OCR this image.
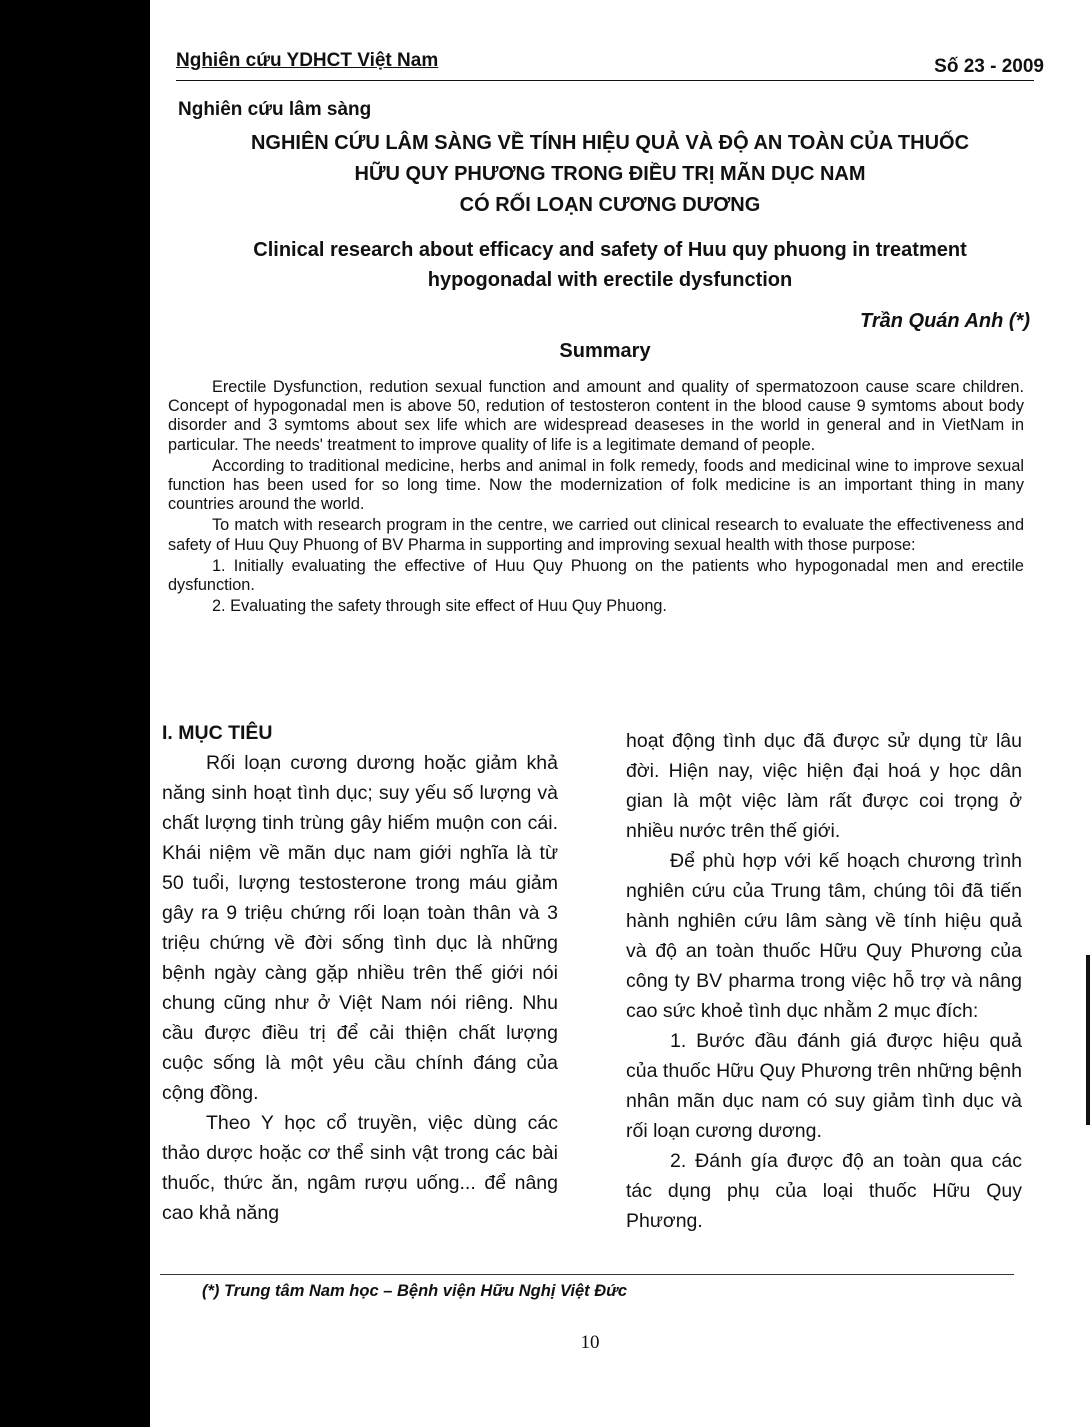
Nghiên cứu YDHCT Việt Nam	Số 23 - 2009
Nghiên cứu lâm sàng
NGHIÊN CỨU LÂM SÀNG VỀ TÍNH HIỆU QUẢ VÀ ĐỘ AN TOÀN CỦA THUỐC
HỮU QUY PHƯƠNG TRONG ĐIỀU TRỊ MÃN DỤC NAM
CÓ RỐI LOẠN CƯƠNG DƯƠNG
Clinical research about efficacy and safety of Huu quy phuong in treatment
hypogonadal with erectile dysfunction
Trần Quán Anh (*)
Summary

Erectile Dysfunction, redution sexual function and amount and quality of spermatozoon cause scare children. Concept of hypogonadal men is above 50, redution of testosteron content in the blood cause 9 symtoms about body disorder and 3 symtoms about sex life which are widespread deaseses in the world in general and in VietNam in particular. The needs' treatment to improve quality of life is a legitimate demand of people.

According to traditional medicine, herbs and animal in folk remedy, foods and medicinal wine to improve sexual function has been used for so long time. Now the modernization of folk medicine is an important thing in many countries around the world.

To match with research program in the centre, we carried out clinical research to evaluate the effectiveness and safety of Huu Quy Phuong of BV Pharma in supporting and improving sexual health with those purpose:

1. Initially evaluating the effective of Huu Quy Phuong on the patients who hypogonadal men and erectile dysfunction.

2. Evaluating the safety through site effect of Huu Quy Phuong.

I. MỤC TIÊU

Rối loạn cương dương hoặc giảm khả năng sinh hoạt tình dục; suy yếu số lượng và chất lượng tinh trùng gây hiếm muộn con cái. Khái niệm về mãn dục nam giới nghĩa là từ 50 tuổi, lượng testosterone trong máu giảm gây ra 9 triệu chứng rối loạn toàn thân và 3 triệu chứng về đời sống tình dục là những bệnh ngày càng gặp nhiều trên thế giới nói chung cũng như ở Việt Nam nói riêng. Nhu cầu được điều trị để cải thiện chất lượng cuộc sống là một yêu cầu chính đáng của cộng đồng.

Theo Y học cổ truyền, việc dùng các thảo dược hoặc cơ thể sinh vật trong các bài thuốc, thức ăn, ngâm rượu uống... để nâng cao khả năng

hoạt động tình dục đã được sử dụng từ lâu đời. Hiện nay, việc hiện đại hoá y học dân gian là một việc làm rất được coi trọng ở nhiều nước trên thế giới.

Để phù hợp với kế hoạch chương trình nghiên cứu của Trung tâm, chúng tôi đã tiến hành nghiên cứu lâm sàng về tính hiệu quả và độ an toàn thuốc Hữu Quy Phương của công ty BV pharma trong việc hỗ trợ và nâng cao sức khoẻ tình dục nhằm 2 mục đích:

1. Bước đầu đánh giá được hiệu quả của thuốc Hữu Quy Phương trên những bệnh nhân mãn dục nam có suy giảm tình dục và rối loạn cương dương.

2. Đánh gía được độ an toàn qua các tác dụng phụ của loại thuốc Hữu Quy Phương.

(*) Trung tâm Nam học – Bệnh viện Hữu Nghị Việt Đức
10
